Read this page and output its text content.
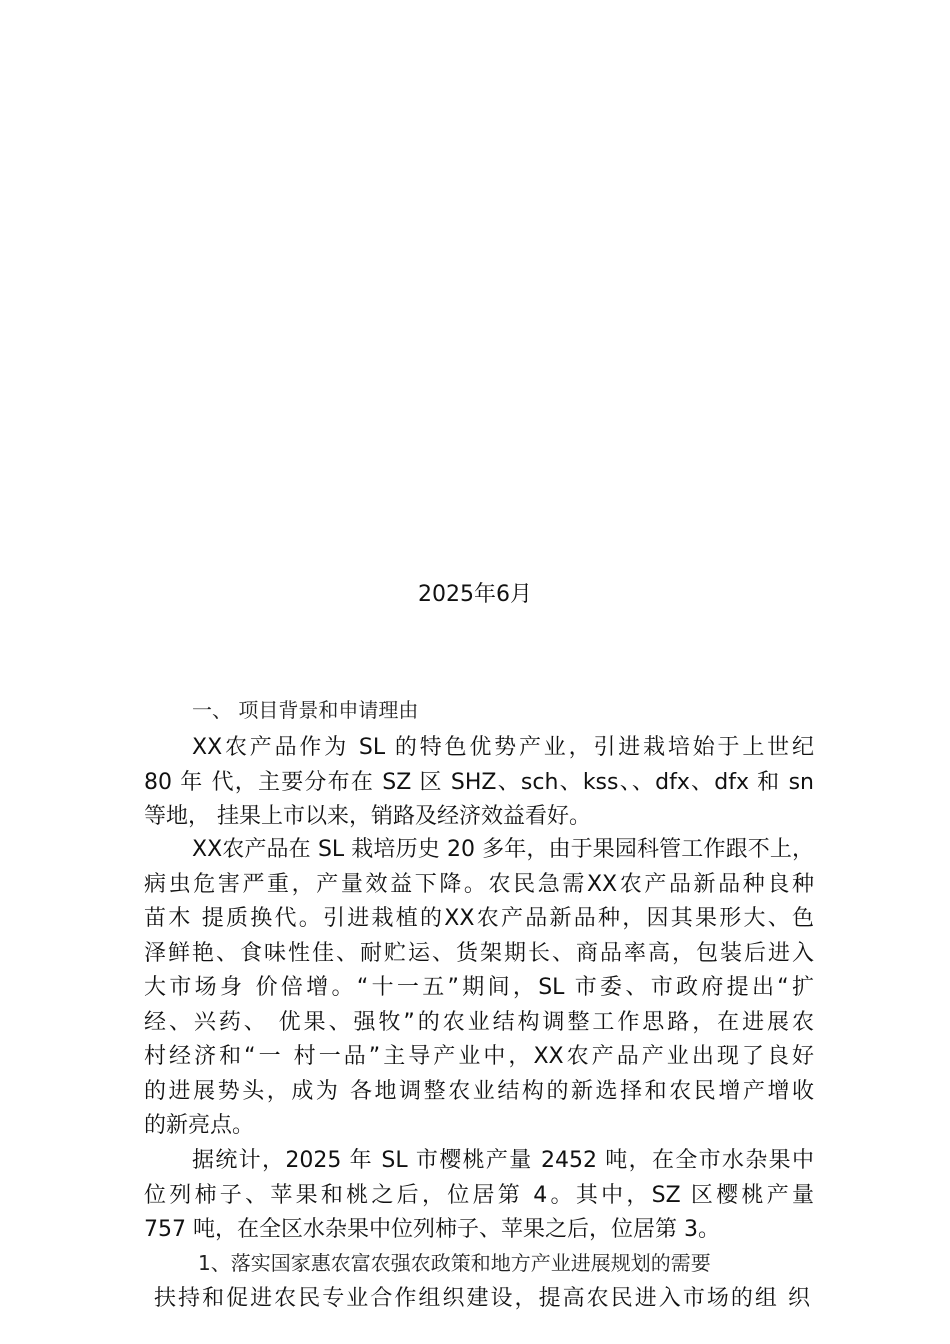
2025年6月
一、 项目背景和申请理由
XX农产品作为 SL 的特色优势产业，引进栽培始于上世纪
80 年 代，主要分布在 SZ 区 SHZ、sch、kss、、dfx、dfx 和 sn
等地， 挂果上市以来，销路及经济效益看好。
XX农产品在 SL 栽培历史 20 多年，由于果园科管工作跟不上，
病虫危害严重，产量效益下降。农民急需XX农产品新品种良种
苗木 提质换代。引进栽植的XX农产品新品种，因其果形大、色
泽鲜艳、食味性佳、耐贮运、货架期长、商品率高，包装后进入
大市场身 价倍增。“十一五”期间，SL 市委、市政府提出“扩
经、兴药、 优果、强牧”的农业结构调整工作思路，在进展农
村经济和“一 村一品”主导产业中，XX农产品产业出现了良好
的进展势头，成为 各地调整农业结构的新选择和农民增产增收
的新亮点。
据统计，2025 年 SL 市樱桃产量 2452 吨，在全市水杂果中
位列柿子、苹果和桃之后，位居第 4。其中，SZ 区樱桃产量
757 吨，在全区水杂果中位列柿子、苹果之后，位居第 3。
1、落实国家惠农富农强农政策和地方产业进展规划的需要
扶持和促进农民专业合作组织建设，提高农民进入市场的组 织
